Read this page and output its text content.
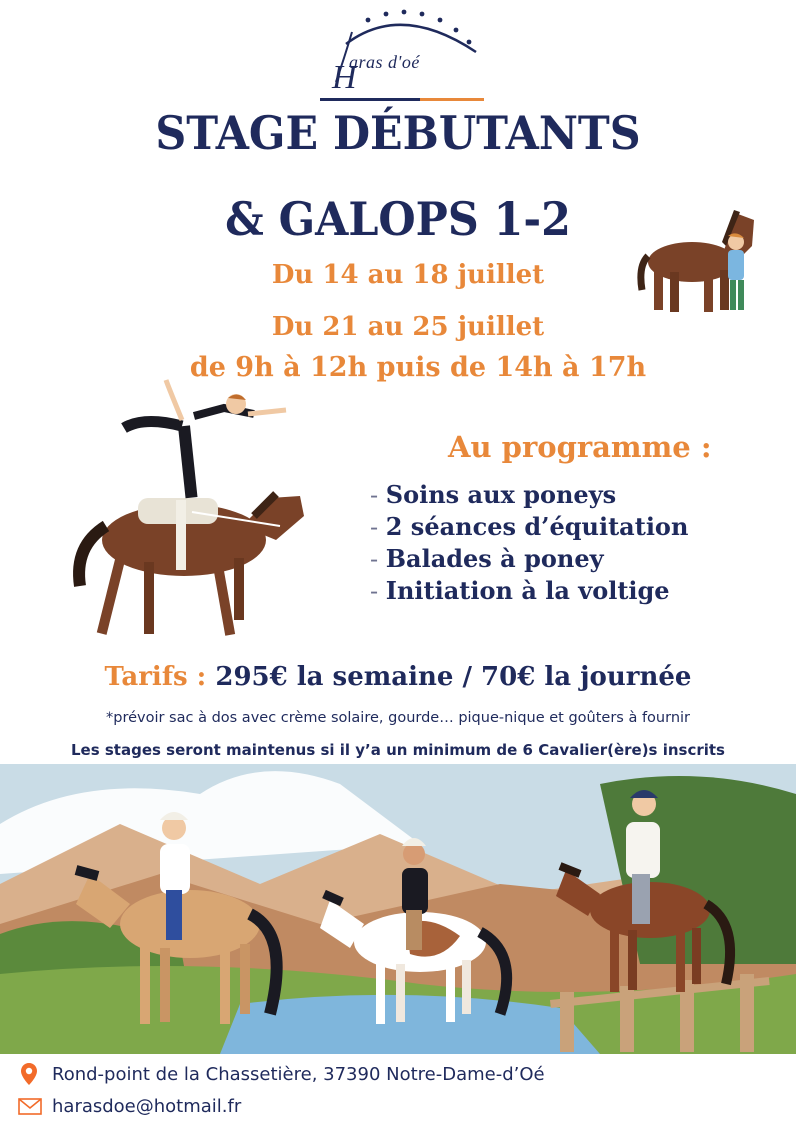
H
aras d'oé
STAGE DÉBUTANTS
& GALOPS 1-2
Du 14 au 18 juillet
Du 21 au 25 juillet
de 9h à 12h puis de 14h à 17h
Au programme :
- Soins aux poneys
- 2 séances d’équitation
- Balades à poney
- Initiation à la voltige
Tarifs : 295€ la semaine / 70€ la journée
*prévoir sac à dos avec crème solaire, gourde… pique-nique et goûters à fournir
Les stages seront maintenus si il y’a un minimum de 6 Cavalier(ère)s inscrits
Rond-point de la Chassetière, 37390 Notre-Dame-d’Oé
harasdoe@hotmail.fr
